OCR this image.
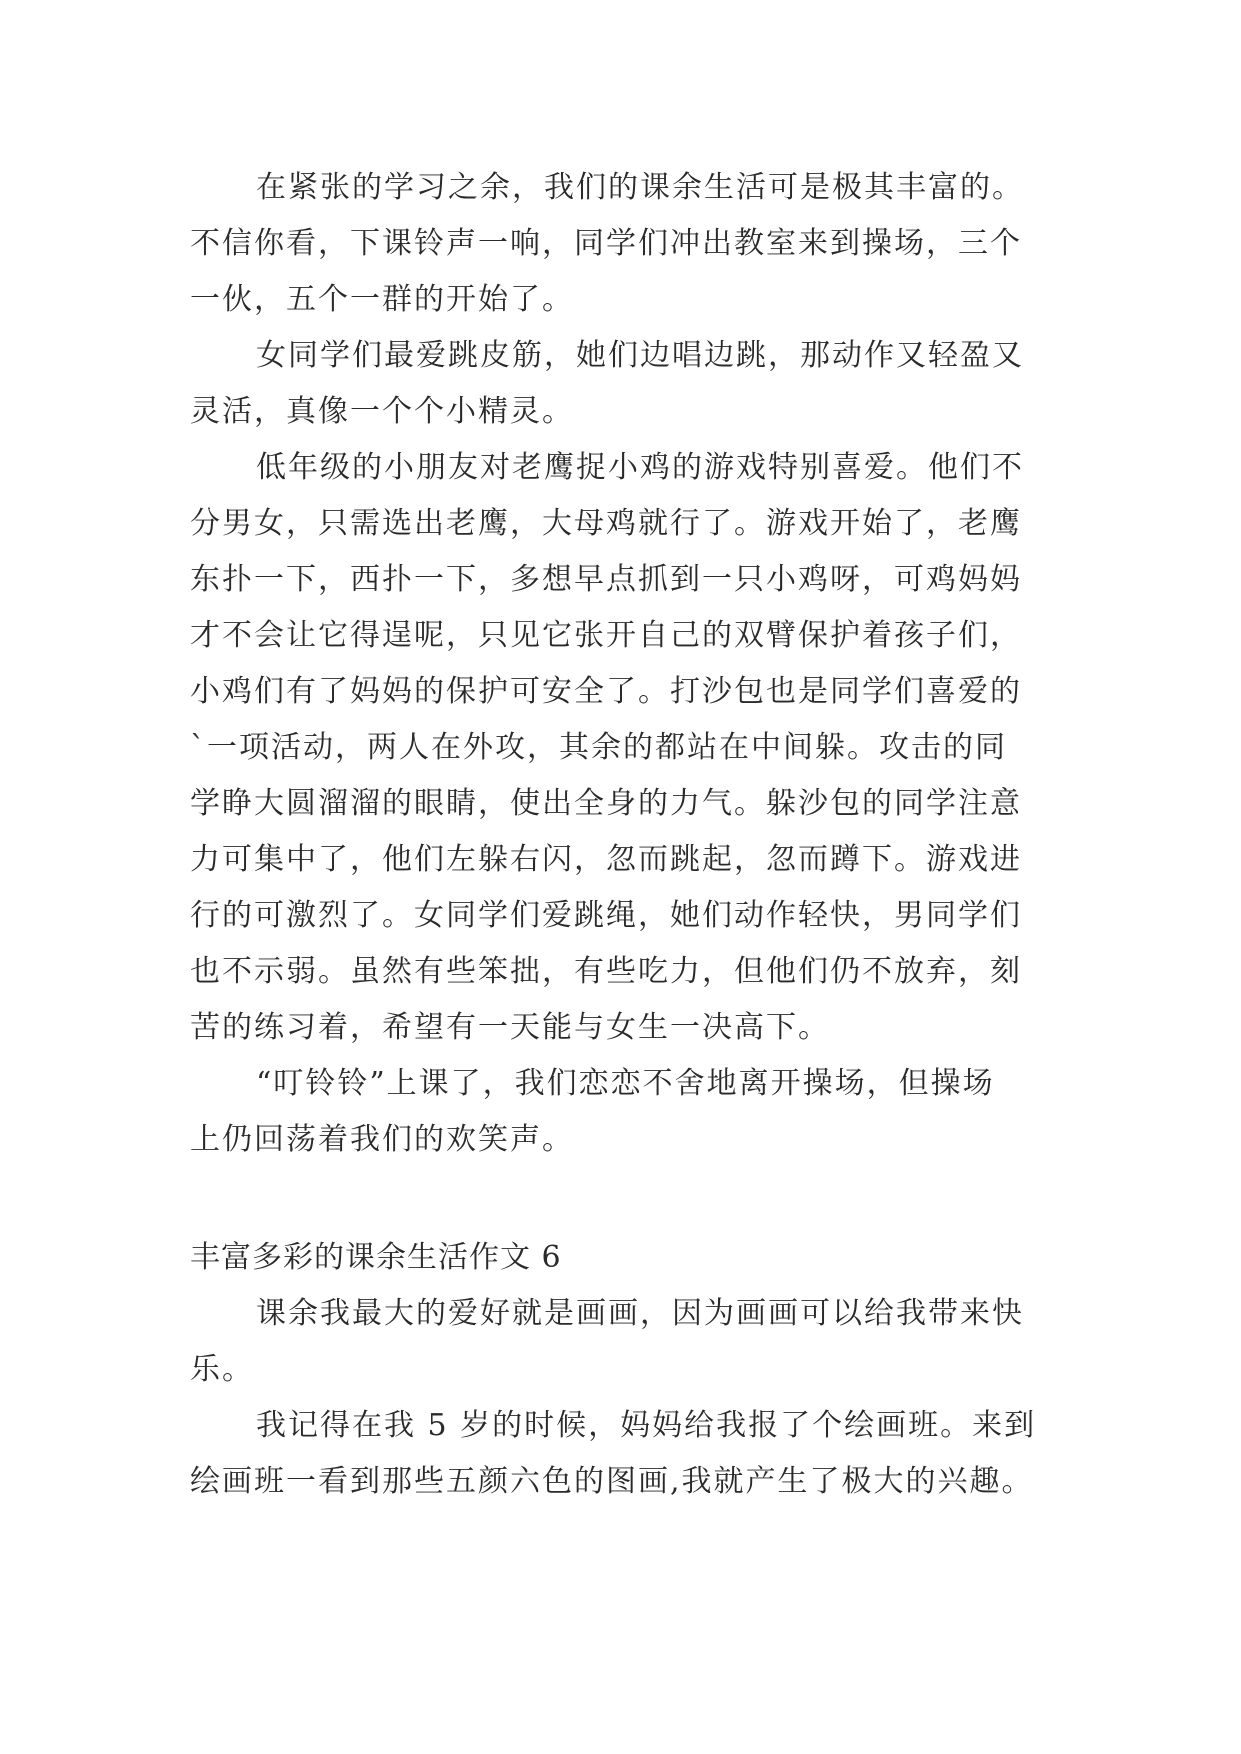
在紧张的学习之余，我们的课余生活可是极其丰富的。
不信你看，下课铃声一响，同学们冲出教室来到操场，三个
一伙，五个一群的开始了。
女同学们最爱跳皮筋，她们边唱边跳，那动作又轻盈又
灵活，真像一个个小精灵。
低年级的小朋友对老鹰捉小鸡的游戏特别喜爱。他们不
分男女，只需选出老鹰，大母鸡就行了。游戏开始了，老鹰
东扑一下，西扑一下，多想早点抓到一只小鸡呀，可鸡妈妈
才不会让它得逞呢，只见它张开自己的双臂保护着孩子们，
小鸡们有了妈妈的保护可安全了。打沙包也是同学们喜爱的
`一项活动，两人在外攻，其余的都站在中间躲。攻击的同
学睁大圆溜溜的眼睛，使出全身的力气。躲沙包的同学注意
力可集中了，他们左躲右闪，忽而跳起，忽而蹲下。游戏进
行的可激烈了。女同学们爱跳绳，她们动作轻快，男同学们
也不示弱。虽然有些笨拙，有些吃力，但他们仍不放弃，刻
苦的练习着，希望有一天能与女生一决高下。
“叮铃铃”上课了，我们恋恋不舍地离开操场，但操场
上仍回荡着我们的欢笑声。
丰富多彩的课余生活作文 6
课余我最大的爱好就是画画，因为画画可以给我带来快
乐。
我记得在我 5 岁的时候，妈妈给我报了个绘画班。来到
绘画班一看到那些五颜六色的图画,我就产生了极大的兴趣。
